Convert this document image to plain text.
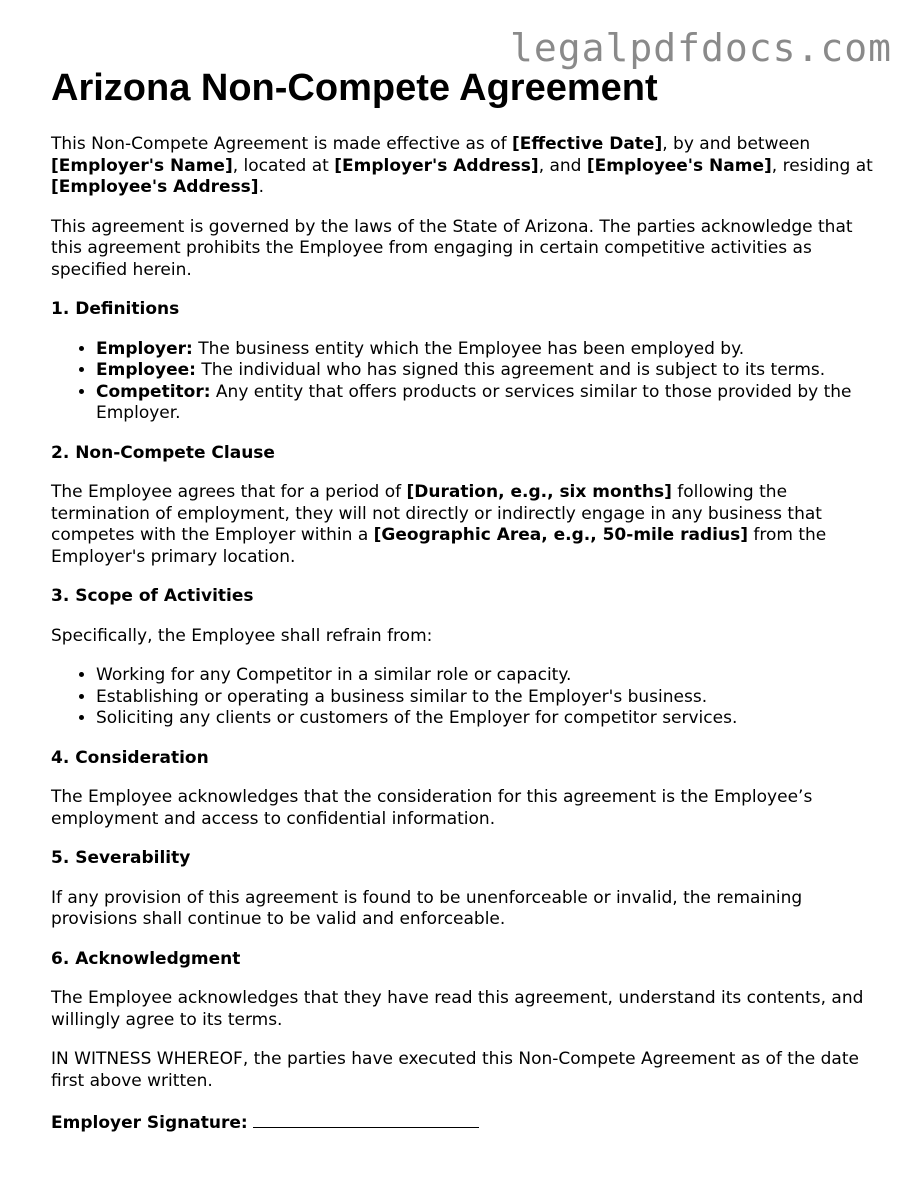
legalpdfdocs.com
Arizona Non-Compete Agreement

This Non-Compete Agreement is made effective as of [Effective Date], by and between [Employer's Name], located at [Employer's Address], and [Employee's Name], residing at [Employee's Address].

This agreement is governed by the laws of the State of Arizona. The parties acknowledge that this agreement prohibits the Employee from engaging in certain competitive activities as specified herein.

1. Definitions
• Employer: The business entity which the Employee has been employed by.
• Employee: The individual who has signed this agreement and is subject to its terms.
• Competitor: Any entity that offers products or services similar to those provided by the Employer.
2. Non-Compete Clause

The Employee agrees that for a period of [Duration, e.g., six months] following the termination of employment, they will not directly or indirectly engage in any business that competes with the Employer within a [Geographic Area, e.g., 50-mile radius] from the Employer's primary location.

3. Scope of Activities

Specifically, the Employee shall refrain from:

• Working for any Competitor in a similar role or capacity.
• Establishing or operating a business similar to the Employer's business.
• Soliciting any clients or customers of the Employer for competitor services.
4. Consideration

The Employee acknowledges that the consideration for this agreement is the Employee’s employment and access to confidential information.

5. Severability

If any provision of this agreement is found to be unenforceable or invalid, the remaining provisions shall continue to be valid and enforceable.

6. Acknowledgment

The Employee acknowledges that they have read this agreement, understand its contents, and willingly agree to its terms.

IN WITNESS WHEREOF, the parties have executed this Non-Compete Agreement as of the date first above written.

Employer Signature:
